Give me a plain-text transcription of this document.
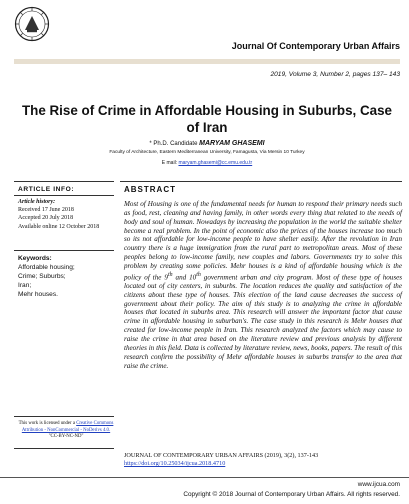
Journal Of Contemporary Urban Affairs
2019, Volume 3, Number 2, pages 137– 143
The Rise of Crime in Affordable Housing in Suburbs, Case of Iran
* Ph.D. Candidate MARYAM GHASEMI
Faculty of Architecture, Eastern Mediterranean University, Famagusta, Via Mersin 10 Turkey
E mail: maryam.ghasemi@cc.emu.edu.tr
ARTICLE INFO:
Article history:
Received 17 June 2018
Accepted 20 July 2018
Available online 12 October 2018
Keywords:
Affordable housing;
Crime; Suburbs;
Iran;
Mehr houses.
This work is licensed under a Creative Commons Attribution - NonCommercial - NoDerivs 4.0.
"CC-BY-NC-ND"
ABSTRACT

Most of Housing is one of the fundamental needs for human to respond their primary needs such as food, rest, cleaning and having family, in other words every thing that related to the needs of body and soul of human. Nowadays by increasing the population in the world the suitable shelter become a real problem. In the point of economic also the prices of the houses increase too much so its not affordable for low-income people to have shelter easily. After the revolution in Iran country there is a huge immigration from the rural part to metropolitan areas. Most of these peoples belong to low-income family, new couples and labors. Governments try to solve this problem by creating some policies. Mehr houses is a kind of affordable housing which is the policy of the 9th and 10th government urban and city program. Most of these type of houses located out of city centers, in suburbs. The location reduces the quality and satisfaction of the citizens about these type of houses. This election of the land cause decreases the success of government about their policy. The aim of this study is to analyzing the crime in affordable houses that located in suburbs area. This research will answer the important factor that cause crime in affordable housing in suburban's. The case study in this research is Mehr houses that created for low-income people in Iran. This research analyzed the factors which may cause to raise the crime in that area based on the literature review and previous analysis by different theories in this field. Data is collected by literature review, news, books, papers. The result of this research confirm the possibility of Mehr affordable houses in suburbs transfer to the area that raise the crime.

JOURNAL OF CONTEMPORARY URBAN AFFAIRS (2019), 3(2), 137-143
https://doi.org/10.25034/ijcua.2018.4710
www.ijcua.com
Copyright © 2018 Journal of Contemporary Urban Affairs. All rights reserved.
